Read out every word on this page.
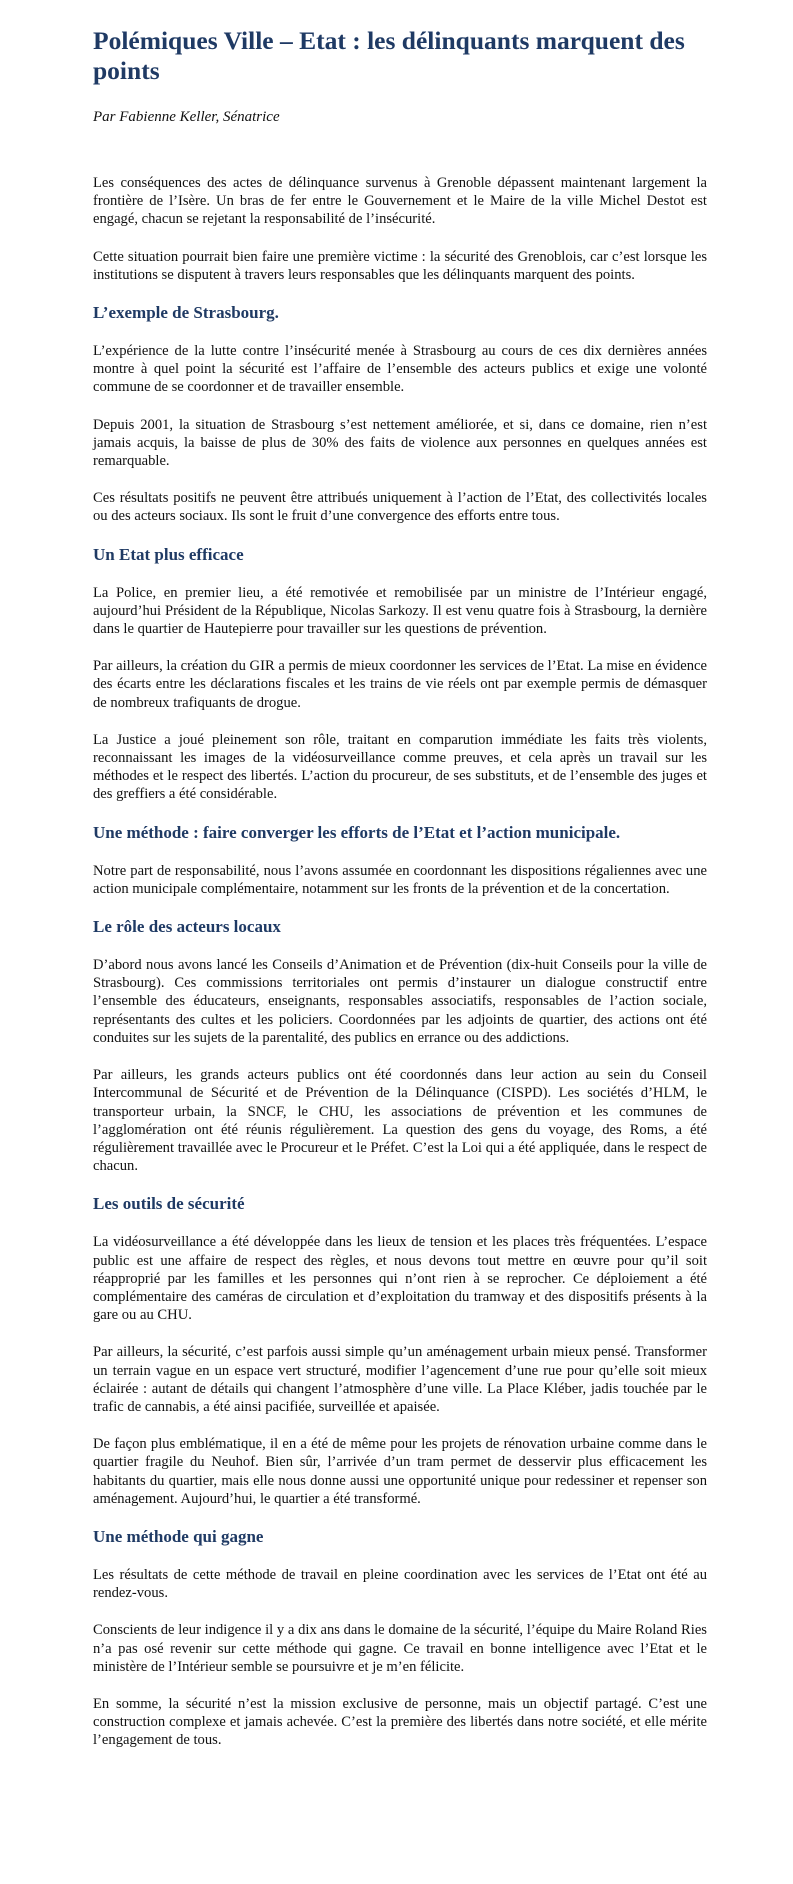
Polémiques Ville – Etat : les délinquants marquent des points

Par Fabienne Keller, Sénatrice

Les conséquences des actes de délinquance survenus à Grenoble dépassent maintenant largement la frontière de l’Isère. Un bras de fer entre le Gouvernement et le Maire de la ville Michel Destot est engagé, chacun se rejetant la responsabilité de l’insécurité.

Cette situation pourrait bien faire une première victime : la sécurité des Grenoblois, car c’est lorsque les institutions se disputent à travers leurs responsables que les délinquants marquent des points.

L’exemple de Strasbourg.

L’expérience de la lutte contre l’insécurité menée à Strasbourg au cours de ces dix dernières années montre à quel point la sécurité est l’affaire de l’ensemble des acteurs publics et exige une volonté commune de se coordonner et de travailler ensemble.

Depuis 2001, la situation de Strasbourg s’est nettement améliorée, et si, dans ce domaine, rien n’est jamais acquis, la baisse de plus de 30% des faits de violence aux personnes en quelques années est remarquable.

Ces résultats positifs ne peuvent être attribués uniquement à l’action de l’Etat, des collectivités locales ou des acteurs sociaux. Ils sont le fruit d’une convergence des efforts entre tous.

Un Etat plus efficace

La Police, en premier lieu, a été remotivée et remobilisée par un ministre de l’Intérieur engagé, aujourd’hui Président de la République, Nicolas Sarkozy. Il est venu quatre fois à Strasbourg, la dernière dans le quartier de Hautepierre pour travailler sur les questions de prévention.

Par ailleurs, la création du GIR a permis de mieux coordonner les services de l’Etat. La mise en évidence des écarts entre les déclarations fiscales et les trains de vie réels ont par exemple permis de démasquer de nombreux trafiquants de drogue.

La Justice a joué pleinement son rôle, traitant en comparution immédiate les faits très violents, reconnaissant les images de la vidéosurveillance comme preuves, et cela après un travail sur les méthodes et le respect des libertés. L’action du procureur, de ses substituts, et de l’ensemble des juges et des greffiers a été considérable.

Une méthode : faire converger les efforts de l’Etat et l’action municipale.

Notre part de responsabilité, nous l’avons assumée en coordonnant les dispositions régaliennes avec une action municipale complémentaire, notamment sur les fronts de la prévention et de la concertation.

Le rôle des acteurs locaux

D’abord nous avons lancé les Conseils d’Animation et de Prévention (dix-huit Conseils pour la ville de Strasbourg). Ces commissions territoriales ont permis d’instaurer un dialogue constructif entre l’ensemble des éducateurs, enseignants, responsables associatifs, responsables de l’action sociale, représentants des cultes et les policiers. Coordonnées par les adjoints de quartier, des actions ont été conduites sur les sujets de la parentalité, des publics en errance ou des addictions.

Par ailleurs, les grands acteurs publics ont été coordonnés dans leur action au sein du Conseil Intercommunal de Sécurité et de Prévention de la Délinquance (CISPD). Les sociétés d’HLM, le transporteur urbain, la SNCF, le CHU, les associations de prévention et les communes de l’agglomération ont été réunis régulièrement. La question des gens du voyage, des Roms, a été régulièrement travaillée avec le Procureur et le Préfet. C’est la Loi qui a été appliquée, dans le respect de chacun.

Les outils de sécurité

La vidéosurveillance a été développée dans les lieux de tension et les places très fréquentées. L’espace public est une affaire de respect des règles, et nous devons tout mettre en œuvre pour qu’il soit réapproprié par les familles et les personnes qui n’ont rien à se reprocher. Ce déploiement a été complémentaire des caméras de circulation et d’exploitation du tramway et des dispositifs présents à la gare ou au CHU.

Par ailleurs, la sécurité, c’est parfois aussi simple qu’un aménagement urbain mieux pensé. Transformer un terrain vague en un espace vert structuré, modifier l’agencement d’une rue pour qu’elle soit mieux éclairée : autant de détails qui changent l’atmosphère d’une ville. La Place Kléber, jadis touchée par le trafic de cannabis, a été ainsi pacifiée, surveillée et apaisée.

De façon plus emblématique, il en a été de même pour les projets de rénovation urbaine comme dans le quartier fragile du Neuhof. Bien sûr, l’arrivée d’un tram permet de desservir plus efficacement les habitants du quartier, mais elle nous donne aussi une opportunité unique pour redessiner et repenser son aménagement. Aujourd’hui, le quartier a été transformé.

Une méthode qui gagne

Les résultats de cette méthode de travail en pleine coordination avec les services de l’Etat ont été au rendez-vous.

Conscients de leur indigence il y a dix ans dans le domaine de la sécurité, l’équipe du Maire Roland Ries n’a pas osé revenir sur cette méthode qui gagne. Ce travail en bonne intelligence avec l’Etat et le ministère de l’Intérieur semble se poursuivre et je m’en félicite.

En somme, la sécurité n’est la mission exclusive de personne, mais un objectif partagé. C’est une construction complexe et jamais achevée. C’est la première des libertés dans notre société, et elle mérite l’engagement de tous.
